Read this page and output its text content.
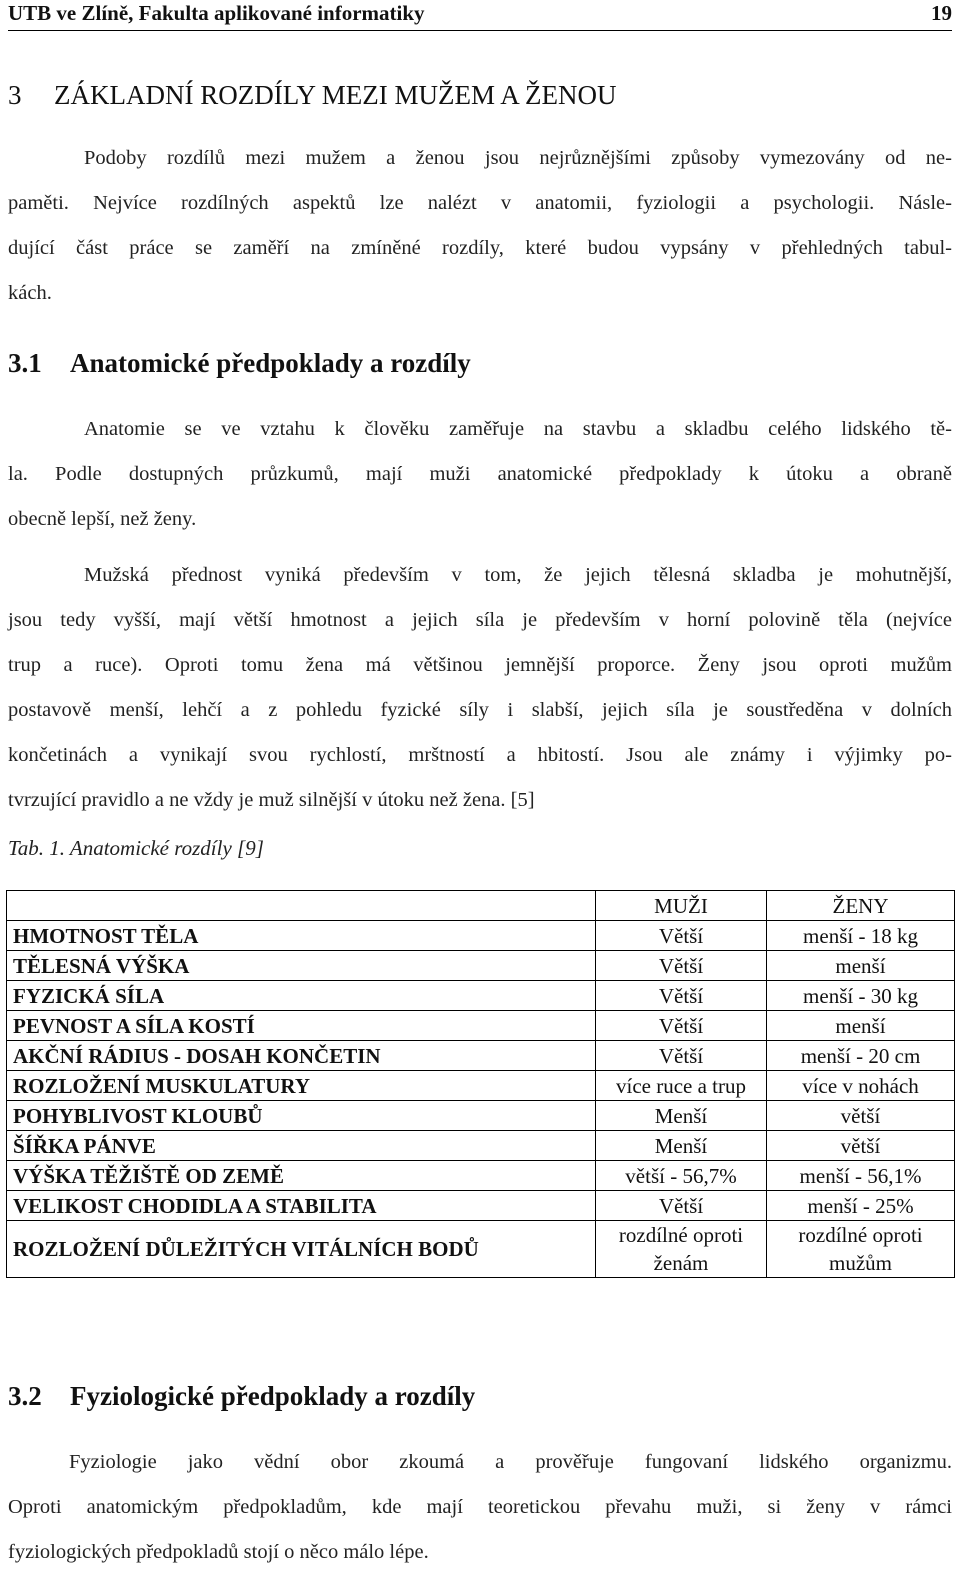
UTB ve Zlíně, Fakulta aplikované informatiky	19
3 ZÁKLADNÍ ROZDÍLY MEZI MUŽEM A ŽENOU
Podoby rozdílů mezi mužem a ženou jsou nejrůznějšími způsoby vymezovány od ne-
paměti. Nejvíce rozdílných aspektů lze nalézt v anatomii, fyziologii a psychologii. Násle-
dující část práce se zaměří na zmíněné rozdíly, které budou vypsány v přehledných tabul-
kách.
3.1 Anatomické předpoklady a rozdíly
Anatomie se ve vztahu k člověku zaměřuje na stavbu a skladbu celého lidského tě-
la. Podle dostupných průzkumů, mají muži anatomické předpoklady k útoku a obraně
obecně lepší, než ženy.
Mužská přednost vyniká především v tom, že jejich tělesná skladba je mohutnější,
jsou tedy vyšší, mají větší hmotnost a jejich síla je především v horní polovině těla (nejvíce
trup a ruce). Oproti tomu žena má většinou jemnější proporce. Ženy jsou oproti mužům
postavově menší, lehčí a z pohledu fyzické síly i slabší, jejich síla je soustředěna v dolních
končetinách a vynikají svou rychlostí, mrštností a hbitostí. Jsou ale známy i výjimky po-
tvrzující pravidlo a ne vždy je muž silnější v útoku než žena. [5]
Tab. 1. Anatomické rozdíly [9]
	MUŽI	ŽENY
HMOTNOST TĚLA	Větší	menší - 18 kg
TĚLESNÁ VÝŠKA	Větší	menší
FYZICKÁ SÍLA	Větší	menší - 30 kg
PEVNOST A SÍLA KOSTÍ	Větší	menší
AKČNÍ RÁDIUS - DOSAH KONČETIN	Větší	menší - 20 cm
ROZLOŽENÍ MUSKULATURY	více ruce a trup	více v nohách
POHYBLIVOST KLOUBŮ	Menší	větší
ŠÍŘKA PÁNVE	Menší	větší
VÝŠKA TĚŽIŠTĚ OD ZEMĚ	větší - 56,7%	menší - 56,1%
VELIKOST CHODIDLA A STABILITA	Větší	menší - 25%
ROZLOŽENÍ DŮLEŽITÝCH VITÁLNÍCH BODŮ	rozdílné oproti ženám	rozdílné oproti mužům
3.2 Fyziologické předpoklady a rozdíly
Fyziologie jako vědní obor zkoumá a prověřuje fungovaní lidského organizmu.
Oproti anatomickým předpokladům, kde mají teoretickou převahu muži, si ženy v rámci
fyziologických předpokladů stojí o něco málo lépe.
